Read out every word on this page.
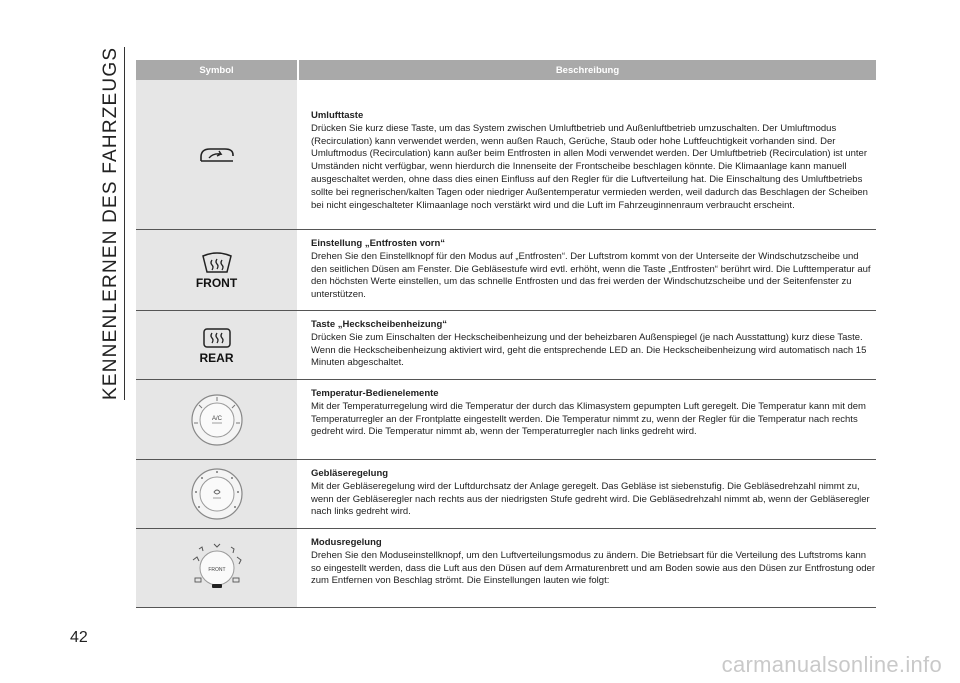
KENNENLERNEN DES FAHRZEUGS	Symbol	Beschreibung
Umlufttaste
Drücken Sie kurz diese Taste, um das System zwischen Umluftbetrieb und Außenluftbetrieb umzuschalten. Der Umluftmodus (Recirculation) kann verwendet werden, wenn außen Rauch, Gerüche, Staub oder hohe Luftfeuchtigkeit vorhanden sind. Der Umluftmodus (Recirculation) kann außer beim Entfrosten in allen Modi verwendet werden. Der Umluftbetrieb (Recirculation) ist unter Umständen nicht verfügbar, wenn hierdurch die Innenseite der Frontscheibe beschlagen könnte. Die Klimaanlage kann manuell ausgeschaltet werden, ohne dass dies einen Einfluss auf den Regler für die Luftverteilung hat. Die Einschaltung des Umluftbetriebs sollte bei regnerischen/kalten Tagen oder niedriger Außentemperatur vermieden werden, weil dadurch das Beschlagen der Scheiben bei nicht eingeschalteter Klimaanlage noch verstärkt wird und die Luft im Fahrzeuginnenraum verbraucht erscheint.
FRONT
Einstellung „Entfrosten vorn“
Drehen Sie den Einstellknopf für den Modus auf „Entfrosten“. Der Luftstrom kommt von der Unterseite der Windschutzscheibe und den seitlichen Düsen am Fenster. Die Gebläsestufe wird evtl. erhöht, wenn die Taste „Entfrosten“ berührt wird. Die Lufttemperatur auf den höchsten Werte einstellen, um das schnelle Entfrosten und das frei werden der Windschutzscheibe und der Seitenfenster zu unterstützen.
REAR
Taste „Heckscheibenheizung“
Drücken Sie zum Einschalten der Heckscheibenheizung und der beheizbaren Außenspiegel (je nach Ausstattung) kurz diese Taste. Wenn die Heckscheibenheizung aktiviert wird, geht die entsprechende LED an. Die Heckscheibenheizung wird automatisch nach 15 Minuten abgeschaltet.
A/C
Temperatur-Bedienelemente
Mit der Temperaturregelung wird die Temperatur der durch das Klimasystem gepumpten Luft geregelt. Die Temperatur kann mit dem Temperaturregler an der Frontplatte eingestellt werden. Die Temperatur nimmt zu, wenn der Regler für die Temperatur nach rechts gedreht wird. Die Temperatur nimmt ab, wenn der Temperaturregler nach links gedreht wird.
Gebläseregelung
Mit der Gebläseregelung wird der Luftdurchsatz der Anlage geregelt. Das Gebläse ist siebenstufig. Die Gebläsedrehzahl nimmt zu, wenn der Gebläseregler nach rechts aus der niedrigsten Stufe gedreht wird. Die Gebläsedrehzahl nimmt ab, wenn der Gebläseregler nach links gedreht wird.
FRONT
Modusregelung
Drehen Sie den Moduseinstellknopf, um den Luftverteilungsmodus zu ändern. Die Betriebsart für die Verteilung des Luftstroms kann so eingestellt werden, dass die Luft aus den Düsen auf dem Armaturenbrett und am Boden sowie aus den Düsen zur Entfrostung oder zum Entfernen von Beschlag strömt. Die Einstellungen lauten wie folgt:
42
carmanualsonline.info
